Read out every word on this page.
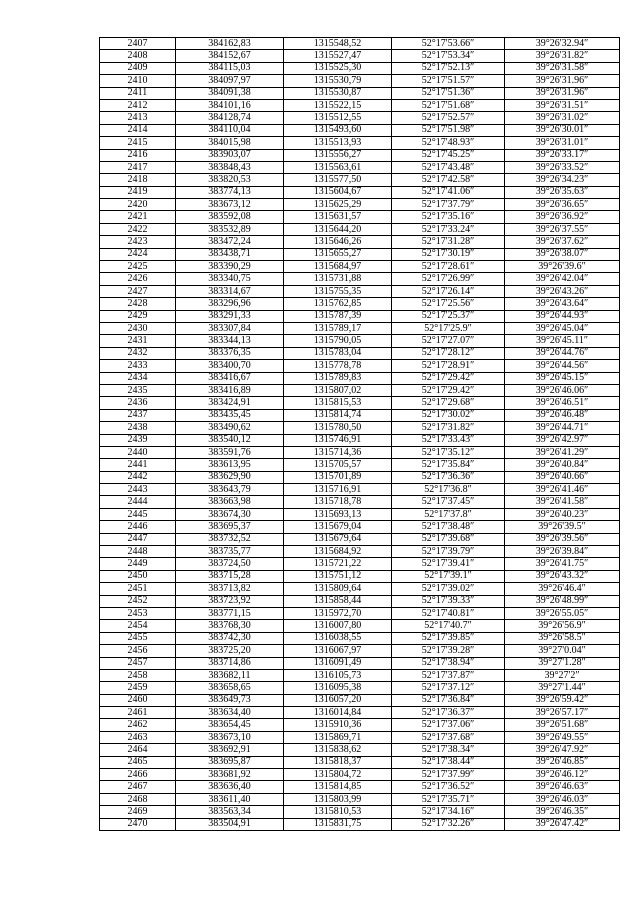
2407	384162,83	1315548,52	52°17'53.66″	39°26'32.94″
2408	384152,67	1315527,47	52°17'53.34″	39°26'31.82″
2409	384115,03	1315525,30	52°17'52.13″	39°26'31.58″
2410	384097,97	1315530,79	52°17'51.57″	39°26'31.96″
2411	384091,38	1315530,87	52°17'51.36″	39°26'31.96″
2412	384101,16	1315522,15	52°17'51.68″	39°26'31.51″
2413	384128,74	1315512,55	52°17'52.57″	39°26'31.02″
2414	384110,04	1315493,60	52°17'51.98″	39°26'30.01″
2415	384015,98	1315513,93	52°17'48.93″	39°26'31.01″
2416	383903,07	1315556,27	52°17'45.25″	39°26'33.17″
2417	383848,43	1315563,61	52°17'43.48″	39°26'33.52″
2418	383820,53	1315577,50	52°17'42.58″	39°26'34.23″
2419	383774,13	1315604,67	52°17'41.06″	39°26'35.63″
2420	383673,12	1315625,29	52°17'37.79″	39°26'36.65″
2421	383592,08	1315631,57	52°17'35.16″	39°26'36.92″
2422	383532,89	1315644,20	52°17'33.24″	39°26'37.55″
2423	383472,24	1315646,26	52°17'31.28″	39°26'37.62″
2424	383438,71	1315655,27	52°17'30.19″	39°26'38.07″
2425	383390,29	1315684,97	52°17'28.61″	39°26'39.6″
2426	383340,75	1315731,88	52°17'26.99″	39°26'42.04″
2427	383314,67	1315755,35	52°17'26.14″	39°26'43.26″
2428	383296,96	1315762,85	52°17'25.56″	39°26'43.64″
2429	383291,33	1315787,39	52°17'25.37″	39°26'44.93″
2430	383307,84	1315789,17	52°17'25.9″	39°26'45.04″
2431	383344,13	1315790,05	52°17'27.07″	39°26'45.11″
2432	383376,35	1315783,04	52°17'28.12″	39°26'44.76″
2433	383400,70	1315778,78	52°17'28.91″	39°26'44.56″
2434	383416,67	1315789,83	52°17'29.42″	39°26'45.15″
2435	383416,89	1315807,02	52°17'29.42″	39°26'46.06″
2436	383424,91	1315815,53	52°17'29.68″	39°26'46.51″
2437	383435,45	1315814,74	52°17'30.02″	39°26'46.48″
2438	383490,62	1315780,50	52°17'31.82″	39°26'44.71″
2439	383540,12	1315746,91	52°17'33.43″	39°26'42.97″
2440	383591,76	1315714,36	52°17'35.12″	39°26'41.29″
2441	383613,95	1315705,57	52°17'35.84″	39°26'40.84″
2442	383629,90	1315701,89	52°17'36.36″	39°26'40.66″
2443	383643,79	1315716,91	52°17'36.8″	39°26'41.46″
2444	383663,98	1315718,78	52°17'37.45″	39°26'41.58″
2445	383674,30	1315693,13	52°17'37.8″	39°26'40.23″
2446	383695,37	1315679,04	52°17'38.48″	39°26'39.5″
2447	383732,52	1315679,64	52°17'39.68″	39°26'39.56″
2448	383735,77	1315684,92	52°17'39.79″	39°26'39.84″
2449	383724,50	1315721,22	52°17'39.41″	39°26'41.75″
2450	383715,28	1315751,12	52°17'39.1″	39°26'43.32″
2451	383713,82	1315809,64	52°17'39.02″	39°26'46.4″
2452	383723,92	1315858,44	52°17'39.33″	39°26'48.99″
2453	383771,15	1315972,70	52°17'40.81″	39°26'55.05″
2454	383768,30	1316007,80	52°17'40.7″	39°26'56.9″
2455	383742,30	1316038,55	52°17'39.85″	39°26'58.5″
2456	383725,20	1316067,97	52°17'39.28″	39°27'0.04″
2457	383714,86	1316091,49	52°17'38.94″	39°27'1.28″
2458	383682,11	1316105,73	52°17'37.87″	39°27'2″
2459	383658,65	1316095,38	52°17'37.12″	39°27'1.44″
2460	383649,73	1316057,20	52°17'36.84″	39°26'59.42″
2461	383634,40	1316014,84	52°17'36.37″	39°26'57.17″
2462	383654,45	1315910,36	52°17'37.06″	39°26'51.68″
2463	383673,10	1315869,71	52°17'37.68″	39°26'49.55″
2464	383692,91	1315838,62	52°17'38.34″	39°26'47.92″
2465	383695,87	1315818,37	52°17'38.44″	39°26'46.85″
2466	383681,92	1315804,72	52°17'37.99″	39°26'46.12″
2467	383636,40	1315814,85	52°17'36.52″	39°26'46.63″
2468	383611,40	1315803,99	52°17'35.71″	39°26'46.03″
2469	383563,34	1315810,53	52°17'34.16″	39°26'46.35″
2470	383504,91	1315831,75	52°17'32.26″	39°26'47.42″
